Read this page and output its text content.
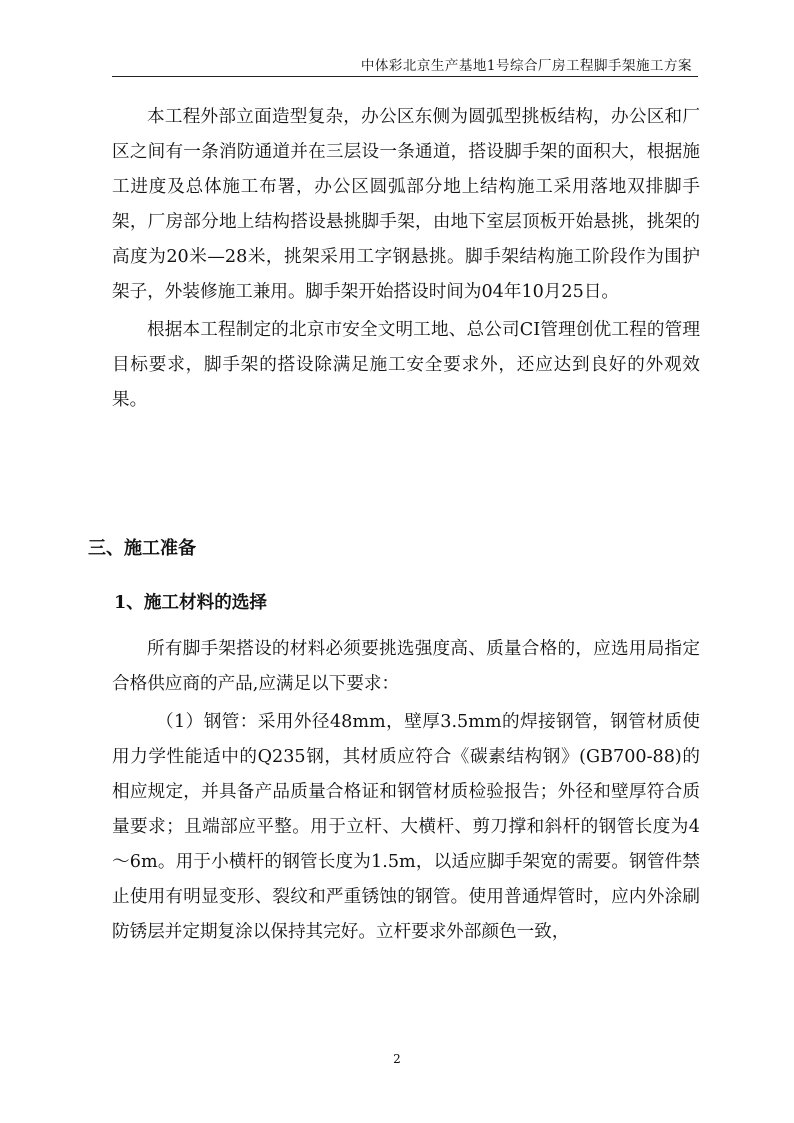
中体彩北京生产基地1号综合厂房工程脚手架施工方案

本工程外部立面造型复杂，办公区东侧为圆弧型挑板结构，办公区和厂区之间有一条消防通道并在三层设一条通道，搭设脚手架的面积大，根据施工进度及总体施工布署，办公区圆弧部分地上结构施工采用落地双排脚手架，厂房部分地上结构搭设悬挑脚手架，由地下室层顶板开始悬挑，挑架的高度为20米—28米，挑架采用工字钢悬挑。脚手架结构施工阶段作为围护架子，外装修施工兼用。脚手架开始搭设时间为04年10月25日。

根据本工程制定的北京市安全文明工地、总公司CI管理创优工程的管理目标要求，脚手架的搭设除满足施工安全要求外，还应达到良好的外观效果。

三、施工准备
1、施工材料的选择

所有脚手架搭设的材料必须要挑选强度高、质量合格的，应选用局指定合格供应商的产品,应满足以下要求：

（1）钢管：采用外径48mm，壁厚3.5mm的焊接钢管，钢管材质使用力学性能适中的Q235钢，其材质应符合《碳素结构钢》(GB700-88)的相应规定，并具备产品质量合格证和钢管材质检验报告；外径和壁厚符合质量要求；且端部应平整。用于立杆、大横杆、剪刀撑和斜杆的钢管长度为4～6m。用于小横杆的钢管长度为1.5m，以适应脚手架宽的需要。钢管件禁止使用有明显变形、裂纹和严重锈蚀的钢管。使用普通焊管时，应内外涂刷防锈层并定期复涂以保持其完好。立杆要求外部颜色一致，

2
